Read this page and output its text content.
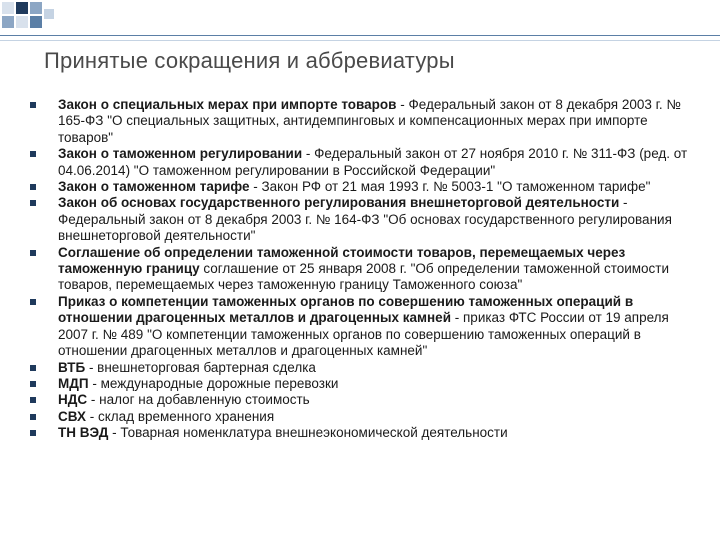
Принятые сокращения и аббревиатуры
Закон о специальных мерах при импорте товаров - Федеральный закон от 8 декабря 2003 г. № 165-ФЗ "О специальных защитных, антидемпинговых и компенсационных мерах при импорте товаров"
Закон о таможенном регулировании - Федеральный закон от 27 ноября 2010 г. № 311-ФЗ (ред. от 04.06.2014) "О таможенном регулировании в Российской Федерации"
Закон о таможенном тарифе - Закон РФ от 21 мая 1993 г. № 5003-1 "О таможенном тарифе"
Закон об основах государственного регулирования внешнеторговой деятельности - Федеральный закон от 8 декабря 2003 г. № 164-ФЗ "Об основах государственного регулирования внешнеторговой деятельности"
Соглашение об определении таможенной стоимости товаров, перемещаемых через таможенную границу соглашение от 25 января 2008 г. "Об определении таможенной стоимости товаров, перемещаемых через таможенную границу Таможенного союза"
Приказ о компетенции таможенных органов по совершению таможенных операций в отношении драгоценных металлов и драгоценных камней - приказ ФТС России от 19 апреля 2007 г. № 489 "О компетенции таможенных органов по совершению таможенных операций в отношении драгоценных металлов и драгоценных камней"
ВТБ - внешнеторговая бартерная сделка
МДП - международные дорожные перевозки
НДС - налог на добавленную стоимость
СВХ - склад временного хранения
ТН ВЭД - Товарная номенклатура внешнеэкономической деятельности
